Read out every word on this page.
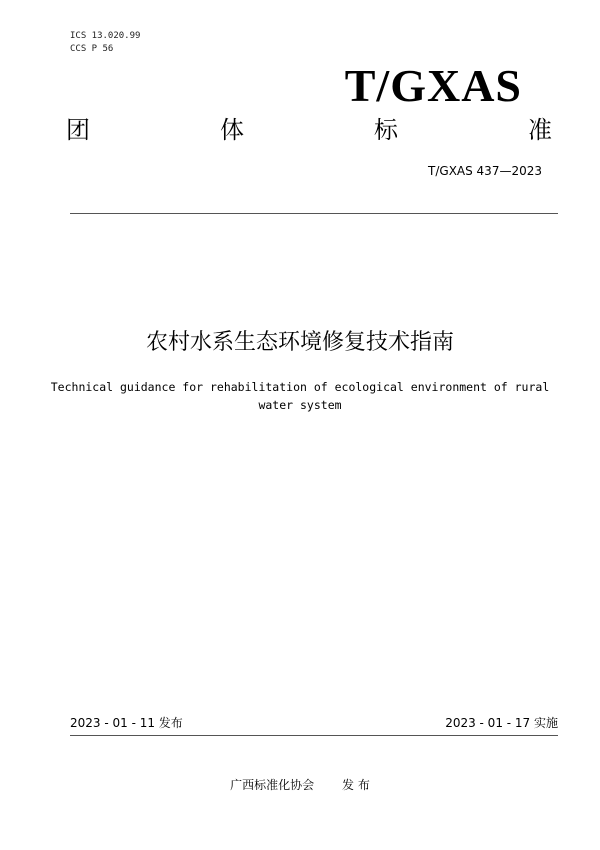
ICS 13.020.99
CCS P 56
T/GXAS
团	体	标	准
T/GXAS 437—2023
农村水系生态环境修复技术指南
Technical guidance for rehabilitation of ecological environment of rural water system
2023 - 01 - 11 发布	2023 - 01 - 17 实施
广西标准化协会 发 布
